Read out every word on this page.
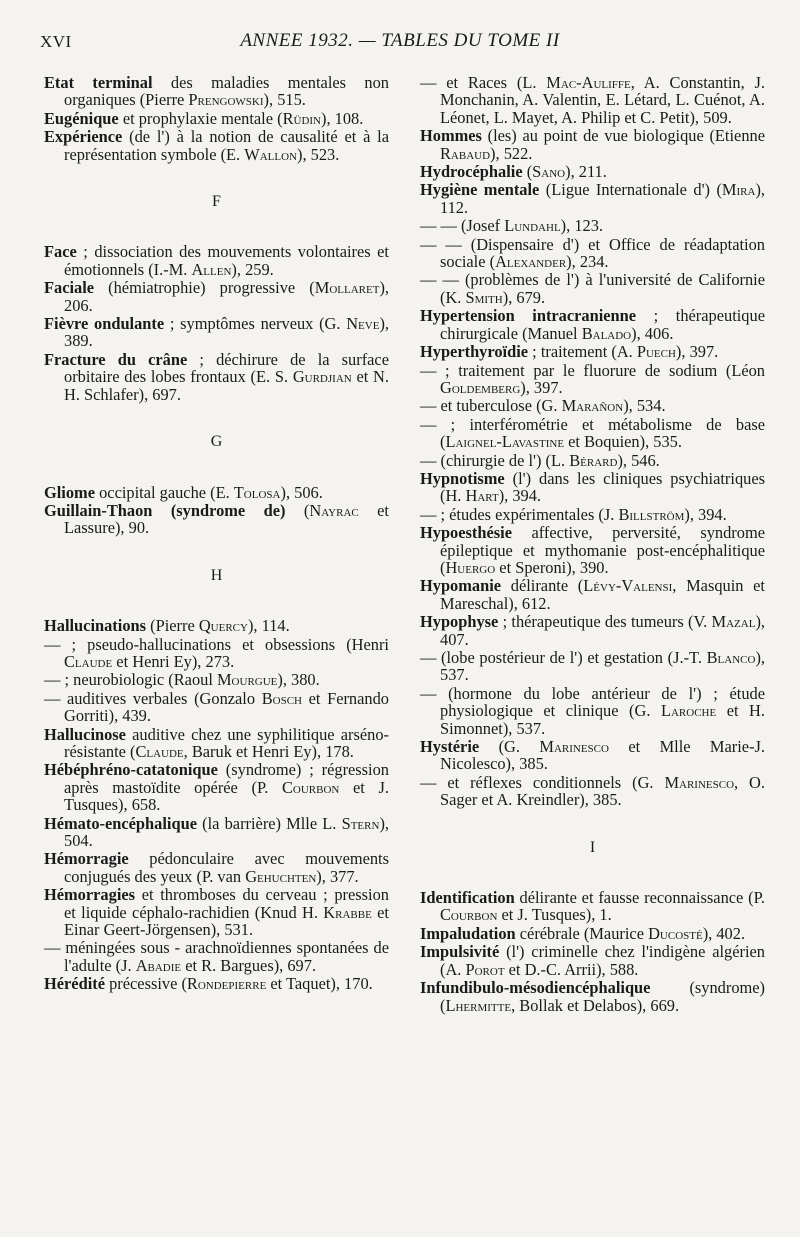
XVI	ANNEE 1932. — TABLES DU TOME II

Etat terminal des maladies mentales non organiques (Pierre Prengowski), 515.

Eugénique et prophylaxie mentale (Rüdin), 108.

Expérience (de l') à la notion de causalité et à la représentation symbole (E. Wallon), 523.

F

Face ; dissociation des mouvements volontaires et émotionnels (I.-M. Allen), 259.

Faciale (hémiatrophie) progressive (Mollaret), 206.

Fièvre ondulante ; symptômes nerveux (G. Neve), 389.

Fracture du crâne ; déchirure de la surface orbitaire des lobes frontaux (E. S. Gurdjian et N. H. Schlafer), 697.

G

Gliome occipital gauche (E. Tolosa), 506.

Guillain-Thaon (syndrome de) (Nayrac et Lassure), 90.

H

Hallucinations (Pierre Quercy), 114.

— ; pseudo-hallucinations et obsessions (Henri Claude et Henri Ey), 273.

— ; neurobiologic (Raoul Mourgue), 380.

— auditives verbales (Gonzalo Bosch et Fernando Gorriti), 439.

Hallucinose auditive chez une syphilitique arséno-résistante (Claude, Baruk et Henri Ey), 178.

Hébéphréno-catatonique (syndrome) ; régression après mastoïdite opérée (P. Courbon et J. Tusques), 658.

Hémato-encéphalique (la barrière) Mlle L. Stern), 504.

Hémorragie pédonculaire avec mouvements conjugués des yeux (P. van Gehuchten), 377.

Hémorragies et thromboses du cerveau ; pression et liquide céphalo-rachidien (Knud H. Krabbe et Einar Geert-Jörgensen), 531.

— méningées sous - arachnoïdiennes spontanées de l'adulte (J. Abadie et R. Bargues), 697.

Hérédité précessive (Rondepierre et Taquet), 170.

— et Races (L. Mac-Auliffe, A. Constantin, J. Monchanin, A. Valentin, E. Létard, L. Cuénot, A. Léonet, L. Mayet, A. Philip et C. Petit), 509.

Hommes (les) au point de vue biologique (Etienne Rabaud), 522.

Hydrocéphalie (Sano), 211.

Hygiène mentale (Ligue Internationale d') (Mira), 112.

— — (Josef Lundahl), 123.

— — (Dispensaire d') et Office de réadaptation sociale (Alexander), 234.

— — (problèmes de l') à l'université de Californie (K. Smith), 679.

Hypertension intracranienne ; thérapeutique chirurgicale (Manuel Balado), 406.

Hyperthyroïdie ; traitement (A. Puech), 397.

— ; traitement par le fluorure de sodium (Léon Goldemberg), 397.

— et tuberculose (G. Marañon), 534.

— ; interférométrie et métabolisme de base (Laignel-Lavastine et Boquien), 535.

— (chirurgie de l') (L. Bérard), 546.

Hypnotisme (l') dans les cliniques psychiatriques (H. Hart), 394.

— ; études expérimentales (J. Billström), 394.

Hypoesthésie affective, perversité, syndrome épileptique et mythomanie post-encéphalitique (Huergo et Speroni), 390.

Hypomanie délirante (Lévy-Valensi, Masquin et Mareschal), 612.

Hypophyse ; thérapeutique des tumeurs (V. Mazal), 407.

— (lobe postérieur de l') et gestation (J.-T. Blanco), 537.

— (hormone du lobe antérieur de l') ; étude physiologique et clinique (G. Laroche et H. Simonnet), 537.

Hystérie (G. Marinesco et Mlle Marie-J. Nicolesco), 385.

— et réflexes conditionnels (G. Marinesco, O. Sager et A. Kreindler), 385.

I

Identification délirante et fausse reconnaissance (P. Courbon et J. Tusques), 1.

Impaludation cérébrale (Maurice Ducosté), 402.

Impulsivité (l') criminelle chez l'indigène algérien (A. Porot et D.-C. Arrii), 588.

Infundibulo-mésodiencéphalique (syndrome) (Lhermitte, Bollak et Delabos), 669.
